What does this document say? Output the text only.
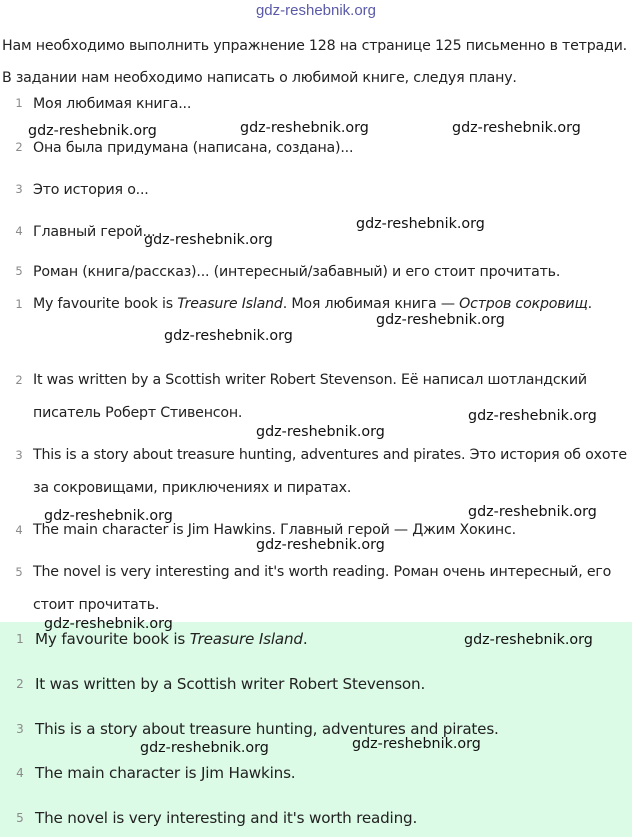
gdz-reshebnik.org

Нам необходимо выполнить упражнение 128 на странице 125 письменно в тетради. В задании нам необходимо написать о любимой книге, следуя плану.

1 Моя любимая книга...
2 Она была придумана (написана, создана)...
3 Это история о...
4 Главный герой...
5 Роман (книга/рассказ)... (интересный/забавный) и его стоит прочитать.
1 My favourite book is Treasure Island. Моя любимая книга — Остров сокровищ.
2 It was written by a Scottish writer Robert Stevenson. Её написал шотландский писатель Роберт Стивенсон.
3 This is a story about treasure hunting, adventures and pirates. Это история об охоте за сокровищами, приключениях и пиратах.
4 The main character is Jim Hawkins. Главный герой — Джим Хокинс.
5 The novel is very interesting and it's worth reading. Роман очень интересный, его стоит прочитать.
1 My favourite book is Treasure Island.
2 It was written by a Scottish writer Robert Stevenson.
3 This is a story about treasure hunting, adventures and pirates.
4 The main character is Jim Hawkins.
5 The novel is very interesting and it's worth reading.
gdz-reshebnik.org	gdz-reshebnik.org	gdz-reshebnik.org
gdz-reshebnik.org
gdz-reshebnik.org
gdz-reshebnik.org
gdz-reshebnik.org
gdz-reshebnik.org
gdz-reshebnik.org
gdz-reshebnik.org
gdz-reshebnik.org
gdz-reshebnik.org
gdz-reshebnik.org
gdz-reshebnik.org
gdz-reshebnik.org
gdz-reshebnik.org
